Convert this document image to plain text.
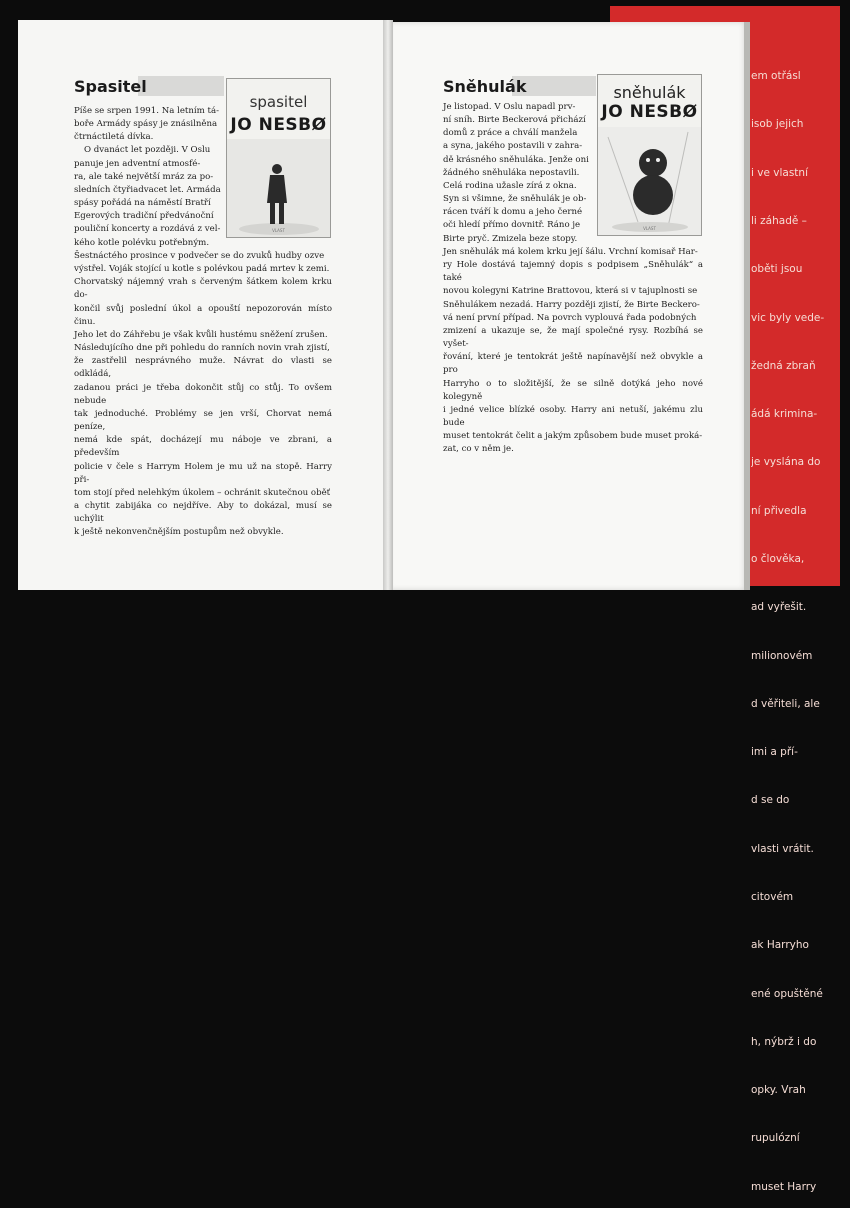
Spasitel
spasitel
JO NESBØ
VLAST

Píše se srpen 1991. Na letním tá-

boře Armády spásy je znásilněna

čtrnáctiletá dívka.

O dvanáct let později. V Oslu

panuje jen adventní atmosfé-

ra, ale také největší mráz za po-

sledních čtyřiadvacet let. Armáda

spásy pořádá na náměstí Bratří

Egerových tradiční předvánoční

pouliční koncerty a rozdává z vel-

kého kotle polévku potřebným.

Šestnáctého prosince v podvečer se do zvuků hudby ozve

výstřel. Voják stojící u kotle s polévkou padá mrtev k zemi.

Chorvatský nájemný vrah s červeným šátkem kolem krku do-

končil svůj poslední úkol a opouští nepozorován místo činu.

Jeho let do Záhřebu je však kvůli hustému sněžení zrušen.

Následujícího dne při pohledu do ranních novin vrah zjistí,

že zastřelil nesprávného muže. Návrat do vlasti se odkládá,

zadanou práci je třeba dokončit stůj co stůj. To ovšem nebude

tak jednoduché. Problémy se jen vrší, Chorvat nemá peníze,

nemá kde spát, docházejí mu náboje ve zbrani, a především

policie v čele s Harrym Holem je mu už na stopě. Harry při-

tom stojí před nelehkým úkolem – ochránit skutečnou oběť

a chytit zabijáka co nejdříve. Aby to dokázal, musí se uchýlit

k ještě nekonvenčnějším postupům než obvykle.

Sněhulák	sněhulák
JO NESBØ
VLAST

Je listopad. V Oslu napadl prv-

ní sníh. Birte Beckerová přichází

domů z práce a chválí manžela

a syna, jakého postavili v zahra-

dě krásného sněhuláka. Jenže oni

žádného sněhuláka nepostavili.

Celá rodina užasle zírá z okna.

Syn si všimne, že sněhulák je ob-

rácen tváří k domu a jeho černé

oči hledí přímo dovnitř. Ráno je

Birte pryč. Zmizela beze stopy.

Jen sněhulák má kolem krku její šálu. Vrchní komisař Har-

ry Hole dostává tajemný dopis s podpisem „Sněhulák“ a také

novou kolegyni Katrine Brattovou, která si v tajuplnosti se

Sněhulákem nezadá. Harry později zjistí, že Birte Beckero-

vá není první případ. Na povrch vyplouvá řada podobných

zmizení a ukazuje se, že mají společné rysy. Rozbíhá se vyšet-

řování, které je tentokrát ještě napínavější než obvykle a pro

Harryho o to složitější, že se silně dotýká jeho nové kolegyně

i jedné velice blízké osoby. Harry ani netuší, jakému zlu bude

muset tentokrát čelit a jakým způsobem bude muset proká-

zat, co v něm je.

em otřásl

isob jejich

i ve vlastní

li záhadě –

oběti jsou

vic byly vede-

žedná zbraň

ádá krimina-

je vyslána do

ní přivedla

o člověka,

ad vyřešit.

milionovém

d věřiteli, ale

imi a pří-

d se do

vlasti vrátit.

citovém

ak Harryho

ené opuštěné

h, nýbrž i do

opky. Vrah

rupulózní

muset Harry
